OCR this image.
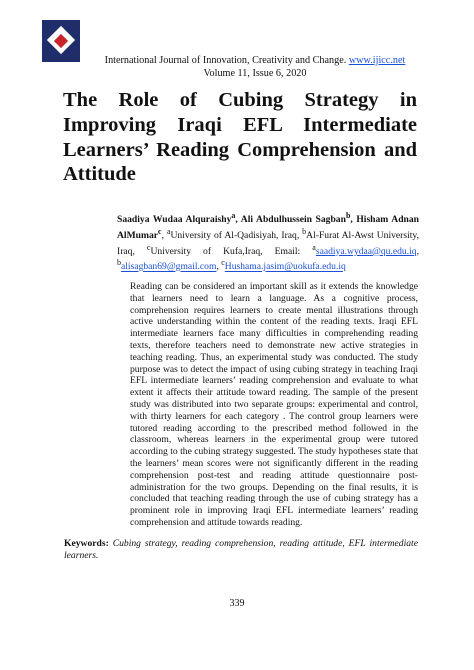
International Journal of Innovation, Creativity and Change. www.ijicc.net
Volume 11, Issue 6, 2020
The Role of Cubing Strategy in Improving Iraqi EFL Intermediate Learners’ Reading Comprehension and Attitude
Saadiya Wudaa Alquraishy$^a$, Ali Abdulhussein Sagban$^b$, Hisham Adnan AlMumar$^c$, $^a$University of Al-Qadisiyah, Iraq, $^b$Al-Furat Al-Awst University, Iraq, $^c$University of Kufa,Iraq, Email: $^a$saadiya.wydaa@qu.edu.iq, $^b$alisagban69@gmail.com, $^c$Hushama.jasim@uokufa.edu.iq

Reading can be considered an important skill as it extends the knowledge that learners need to learn a language. As a cognitive process, comprehension requires learners to create mental illustrations through active understanding within the content of the reading texts. Iraqi EFL intermediate learners face many difficulties in comprehending reading texts, therefore teachers need to demonstrate new active strategies in teaching reading. Thus, an experimental study was conducted. The study purpose was to detect the impact of using cubing strategy in teaching Iraqi EFL intermediate learners’ reading comprehension and evaluate to what extent it affects their attitude toward reading. The sample of the present study was distributed into two separate groups: experimental and control, with thirty learners for each category . The control group learners were tutored reading according to the prescribed method followed in the classroom, whereas learners in the experimental group were tutored according to the cubing strategy suggested. The study hypotheses state that the learners’ mean scores were not significantly different in the reading comprehension post-test and reading attitude questionnaire post-administration for the two groups. Depending on the final results, it is concluded that teaching reading through the use of cubing strategy has a prominent role in improving Iraqi EFL intermediate learners’ reading comprehension and attitude towards reading.

Keywords: Cubing strategy, reading comprehension, reading attitude, EFL intermediate learners.
339
